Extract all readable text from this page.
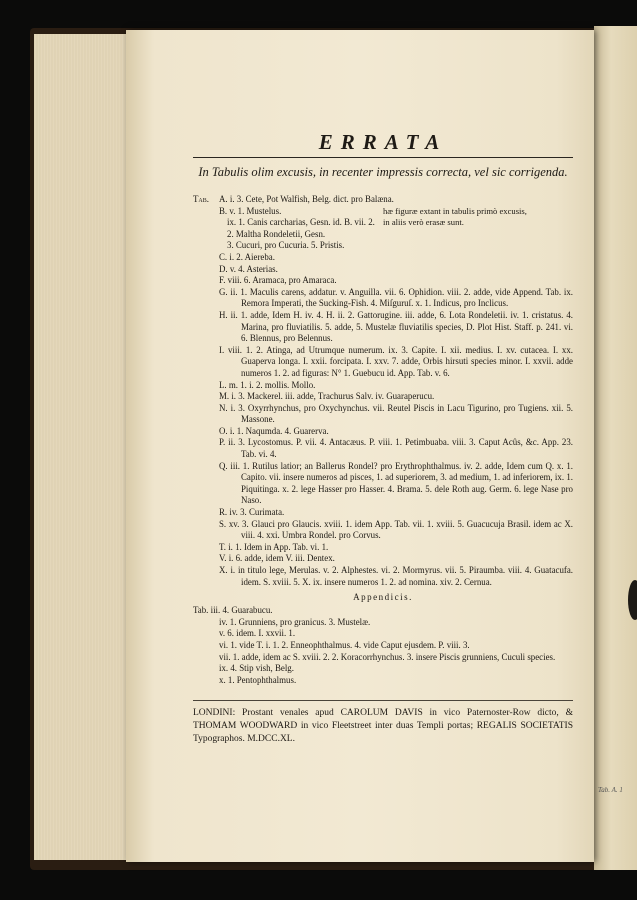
Tab. A. 1
ERRATA
In Tabulis olim excusis, in recenter impressis correcta, vel sic corrigenda.
Tab. A. i. 3. Cete, Pot Walfish, Belg. dict. pro Balæna.
B. v. 1. Mustelus.
ix. 1. Canis carcharias, Gesn. id. B. vii. 2.
hæ figuræ extant in tabulis primò excusis, in aliis verò erasæ sunt.
2. Maltha Rondeletii, Gesn.
3. Cucuri, pro Cucuria. 5. Pristis.
C. i. 2. Aiereba.
D. v. 4. Asterias.
F. viii. 6. Aramaca, pro Amaraca.
G. ii. 1. Maculis carens, addatur. v. Anguilla. vii. 6. Ophidion. viii. 2. adde, vide Append. Tab. ix. Remora Imperati, the Sucking-Fish. 4. Miſguruſ. x. 1. Indicus, pro Inclicus.
H. ii. 1. adde, Idem H. iv. 4. H. ii. 2. Gattorugine. iii. adde, 6. Lota Rondeletii. iv. 1. cristatus. 4. Marina, pro fluviatilis. 5. adde, 5. Mustelæ fluviatilis species, D. Plot Hist. Staff. p. 241. vi. 6. Blennus, pro Belennus.
I. viii. 1. 2. Atinga, ad Utrumque numerum. ix. 3. Capite. I. xii. medius. I. xv. cutacea. I. xx. Guaperva longa. I. xxii. forcipata. I. xxv. 7. adde, Orbis hirsuti species minor. I. xxvii. adde numeros 1. 2. ad figuras: N° 1. Guebucu id. App. Tab. v. 6.
L. m. 1. i. 2. mollis. Mollo.
M. i. 3. Mackerel. iii. adde, Trachurus Salv. iv. Guaraperucu.
N. i. 3. Oxyrrhynchus, pro Oxychynchus. vii. Reutel Piscis in Lacu Tigurino, pro Tugiens. xii. 5. Massone.
O. i. 1. Naqumda. 4. Guarerva.
P. ii. 3. Lycostomus. P. vii. 4. Antacæus. P. viii. 1. Petimbuaba. viii. 3. Caput Acûs, &c. App. 23. Tab. vi. 4.
Q. iii. 1. Rutilus latior; an Ballerus Rondel? pro Erythrophthalmus. iv. 2. adde, Idem cum Q. x. 1. Capito. vii. insere numeros ad pisces, 1. ad superiorem, 3. ad medium, 1. ad inferiorem, ix. 1. Piquitinga. x. 2. lege Hasser pro Hasser. 4. Brama. 5. dele Roth aug. Germ. 6. lege Nase pro Naso.
R. iv. 3. Curimata.
S. xv. 3. Glauci pro Glaucis. xviii. 1. idem App. Tab. vii. 1. xviii. 5. Guacucuja Brasil. idem ac X. viii. 4. xxi. Umbra Rondel. pro Corvus.
T. i. 1. Idem in App. Tab. vi. 1.
V. i. 6. adde, idem V. iii. Dentex.
X. i. in titulo lege, Merulas. v. 2. Alphestes. vi. 2. Mormyrus. vii. 5. Piraumba. viii. 4. Guatacufa. idem. S. xviii. 5. X. ix. insere numeros 1. 2. ad nomina. xiv. 2. Cernua.
Appendicis.
Tab. iii. 4. Guarabucu.
iv. 1. Grunniens, pro granicus. 3. Mustelæ.
v. 6. idem. I. xxvii. 1.
vi. 1. vide T. i. 1. 2. Enneophthalmus. 4. vide Caput ejusdem. P. viii. 3.
vii. 1. adde, idem ac S. xviii. 2. 2. Koracorrhynchus. 3. insere Piscis grunniens, Cuculi species.
ix. 4. Stip vish, Belg.
x. 1. Pentophthalmus.
LONDINI: Prostant venales apud CAROLUM DAVIS in vico Paternoster-Row dicto, & THOMAM WOODWARD in vico Fleetstreet inter duas Templi portas; REGALIS SOCIETATIS Typographos. M.DCC.XL.
